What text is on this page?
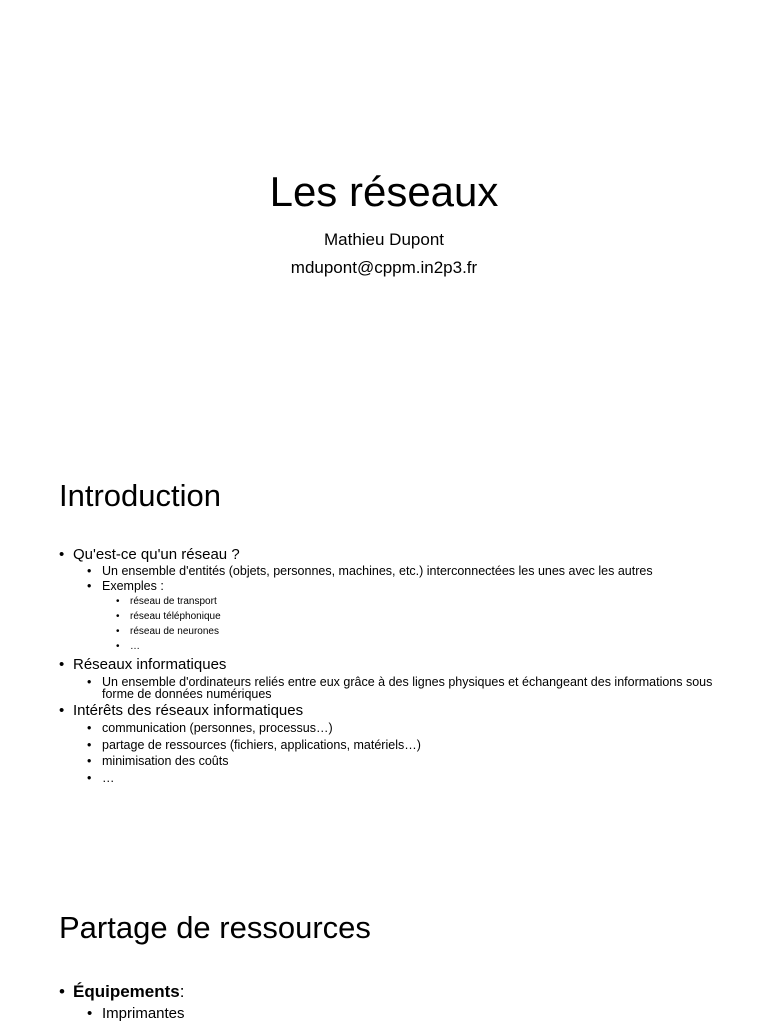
Les réseaux
Mathieu Dupont
mdupont@cppm.in2p3.fr
Introduction
• Qu'est-ce qu'un réseau ?
• Un ensemble d'entités (objets, personnes, machines, etc.) interconnectées les unes avec les autres
• Exemples :
• réseau de transport
• réseau téléphonique
• réseau de neurones
• …
• Réseaux informatiques
• Un ensemble d'ordinateurs reliés entre eux grâce à des lignes physiques et échangeant des informations sous forme de données numériques
• Intérêts des réseaux informatiques
• communication (personnes, processus…)
• partage de ressources (fichiers, applications, matériels…)
• minimisation des coûts
• …
Partage de ressources
• Équipements:
• Imprimantes
